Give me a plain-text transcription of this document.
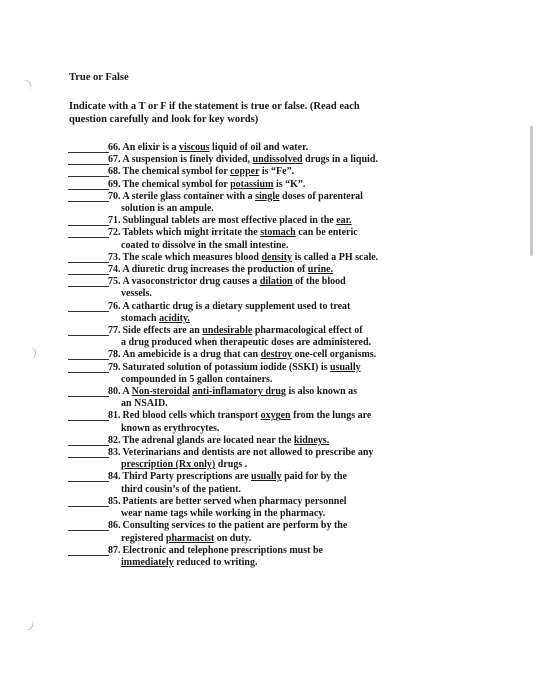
True or False
Indicate with a T or F if the statement is true or false. (Read each
question carefully and look for key words)
66. An elixir is a viscous liquid of oil and water.
67. A suspension is finely divided, undissolved drugs in a liquid.
68. The chemical symbol for copper is “Fe”.
69. The chemical symbol for potassium is “K”.
70. A sterile glass container with a single doses of parenteral
solution is an ampule.
71. Sublingual tablets are most effective placed in the ear.
72. Tablets which might irritate the stomach can be enteric
coated to dissolve in the small intestine.
73. The scale which measures blood density is called a PH scale.
74. A diuretic drug increases the production of urine.
75. A vasoconstrictor drug causes a dilation of the blood
vessels.
76. A cathartic drug is a dietary supplement used to treat
stomach acidity.
77. Side effects are an undesirable pharmacological effect of
a drug produced when therapeutic doses are administered.
78. An amebicide is a drug that can destroy one-cell organisms.
79. Saturated solution of potassium iodide (SSKI) is usually
compounded in 5 gallon containers.
80. A Non-steroidal anti-inflamatory drug is also known as
an NSAID.
81. Red blood cells which transport oxygen from the lungs are
known as erythrocytes.
82. The adrenal glands are located near the kidneys.
83. Veterinarians and dentists are not allowed to prescribe any
prescription (Rx only) drugs .
84. Third Party prescriptions are usually paid for by the
third cousin’s of the patient.
85. Patients are better served when pharmacy personnel
wear name tags while working in the pharmacy.
86. Consulting services to the patient are perform by the
registered pharmacist on duty.
87. Electronic and telephone prescriptions must be
immediately reduced to writing.
